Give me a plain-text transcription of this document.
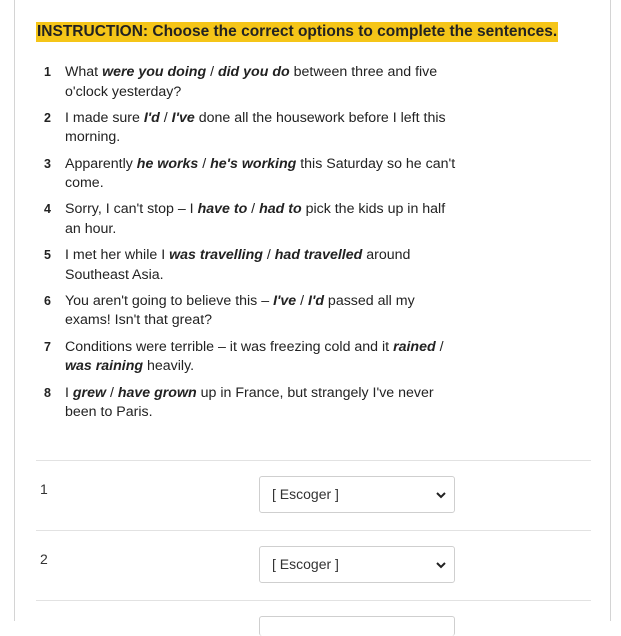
INSTRUCTION: Choose the correct options to complete the sentences.
1 What were you doing / did you do between three and five o'clock yesterday?
2 I made sure I'd / I've done all the housework before I left this morning.
3 Apparently he works / he's working this Saturday so he can't come.
4 Sorry, I can't stop – I have to / had to pick the kids up in half an hour.
5 I met her while I was travelling / had travelled around Southeast Asia.
6 You aren't going to believe this – I've / I'd passed all my exams! Isn't that great?
7 Conditions were terrible – it was freezing cold and it rained / was raining heavily.
8 I grew / have grown up in France, but strangely I've never been to Paris.
1	[ Escoger ]
2	[ Escoger ]
